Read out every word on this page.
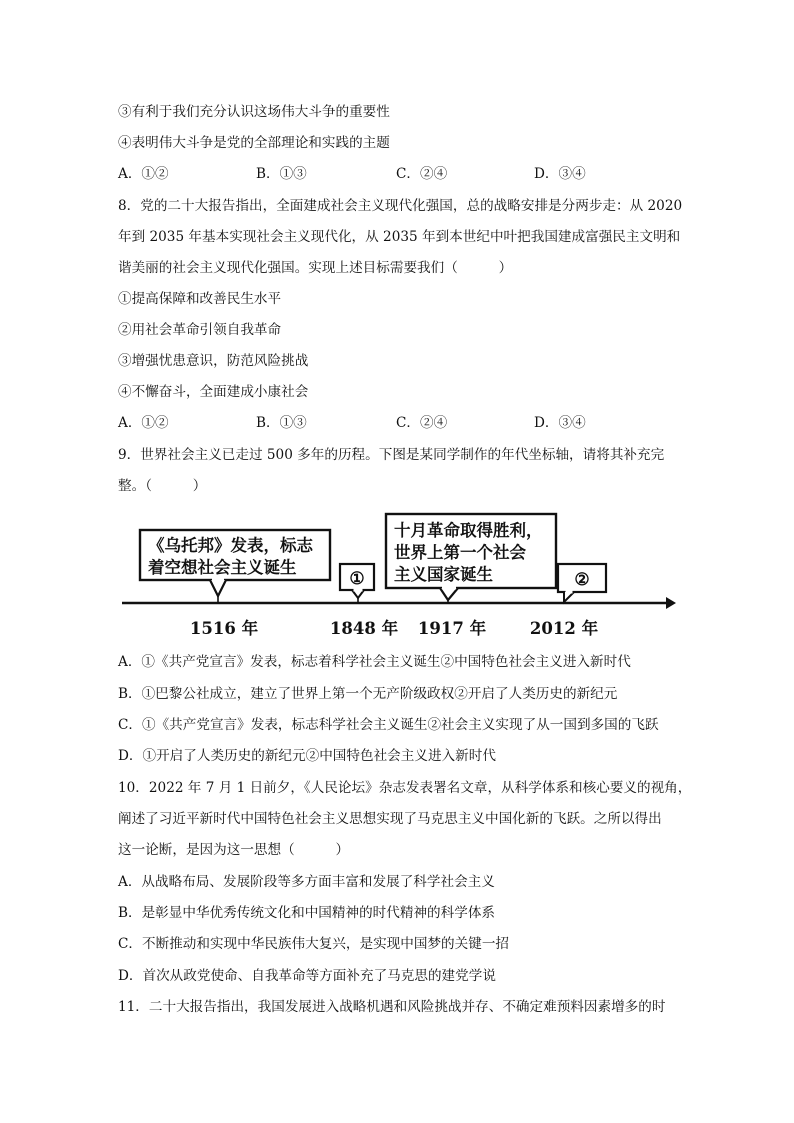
③有利于我们充分认识这场伟大斗争的重要性
④表明伟大斗争是党的全部理论和实践的主题
A．①②	B．①③	C．②④	D．③④
8．党的二十大报告指出，全面建成社会主义现代化强国，总的战略安排是分两步走：从 2020
年到 2035 年基本实现社会主义现代化，从 2035 年到本世纪中叶把我国建成富强民主文明和
谐美丽的社会主义现代化强国。实现上述目标需要我们（　　　）
①提高保障和改善民生水平
②用社会革命引领自我革命
③增强忧患意识，防范风险挑战
④不懈奋斗，全面建成小康社会
A．①②	B．①③	C．②④	D．③④
9．世界社会主义已走过 500 多年的历程。下图是某同学制作的年代坐标轴，请将其补充完
整。（　　　）
《乌托邦》发表，标志
着空想社会主义诞生
①
十月革命取得胜利，
世界上第一个社会
主义国家诞生	②
1516 年	1848 年 1917 年	2012 年
A．①《共产党宣言》发表，标志着科学社会主义诞生②中国特色社会主义进入新时代
B．①巴黎公社成立，建立了世界上第一个无产阶级政权②开启了人类历史的新纪元
C．①《共产党宣言》发表，标志科学社会主义诞生②社会主义实现了从一国到多国的飞跃
D．①开启了人类历史的新纪元②中国特色社会主义进入新时代
10．2022 年 7 月 1 日前夕，《人民论坛》杂志发表署名文章，从科学体系和核心要义的视角，
阐述了习近平新时代中国特色社会主义思想实现了马克思主义中国化新的飞跃。之所以得出
这一论断，是因为这一思想（　　　）
A．从战略布局、发展阶段等多方面丰富和发展了科学社会主义
B．是彰显中华优秀传统文化和中国精神的时代精神的科学体系
C．不断推动和实现中华民族伟大复兴，是实现中国梦的关键一招
D．首次从政党使命、自我革命等方面补充了马克思的建党学说
11．二十大报告指出，我国发展进入战略机遇和风险挑战并存、不确定难预料因素增多的时
